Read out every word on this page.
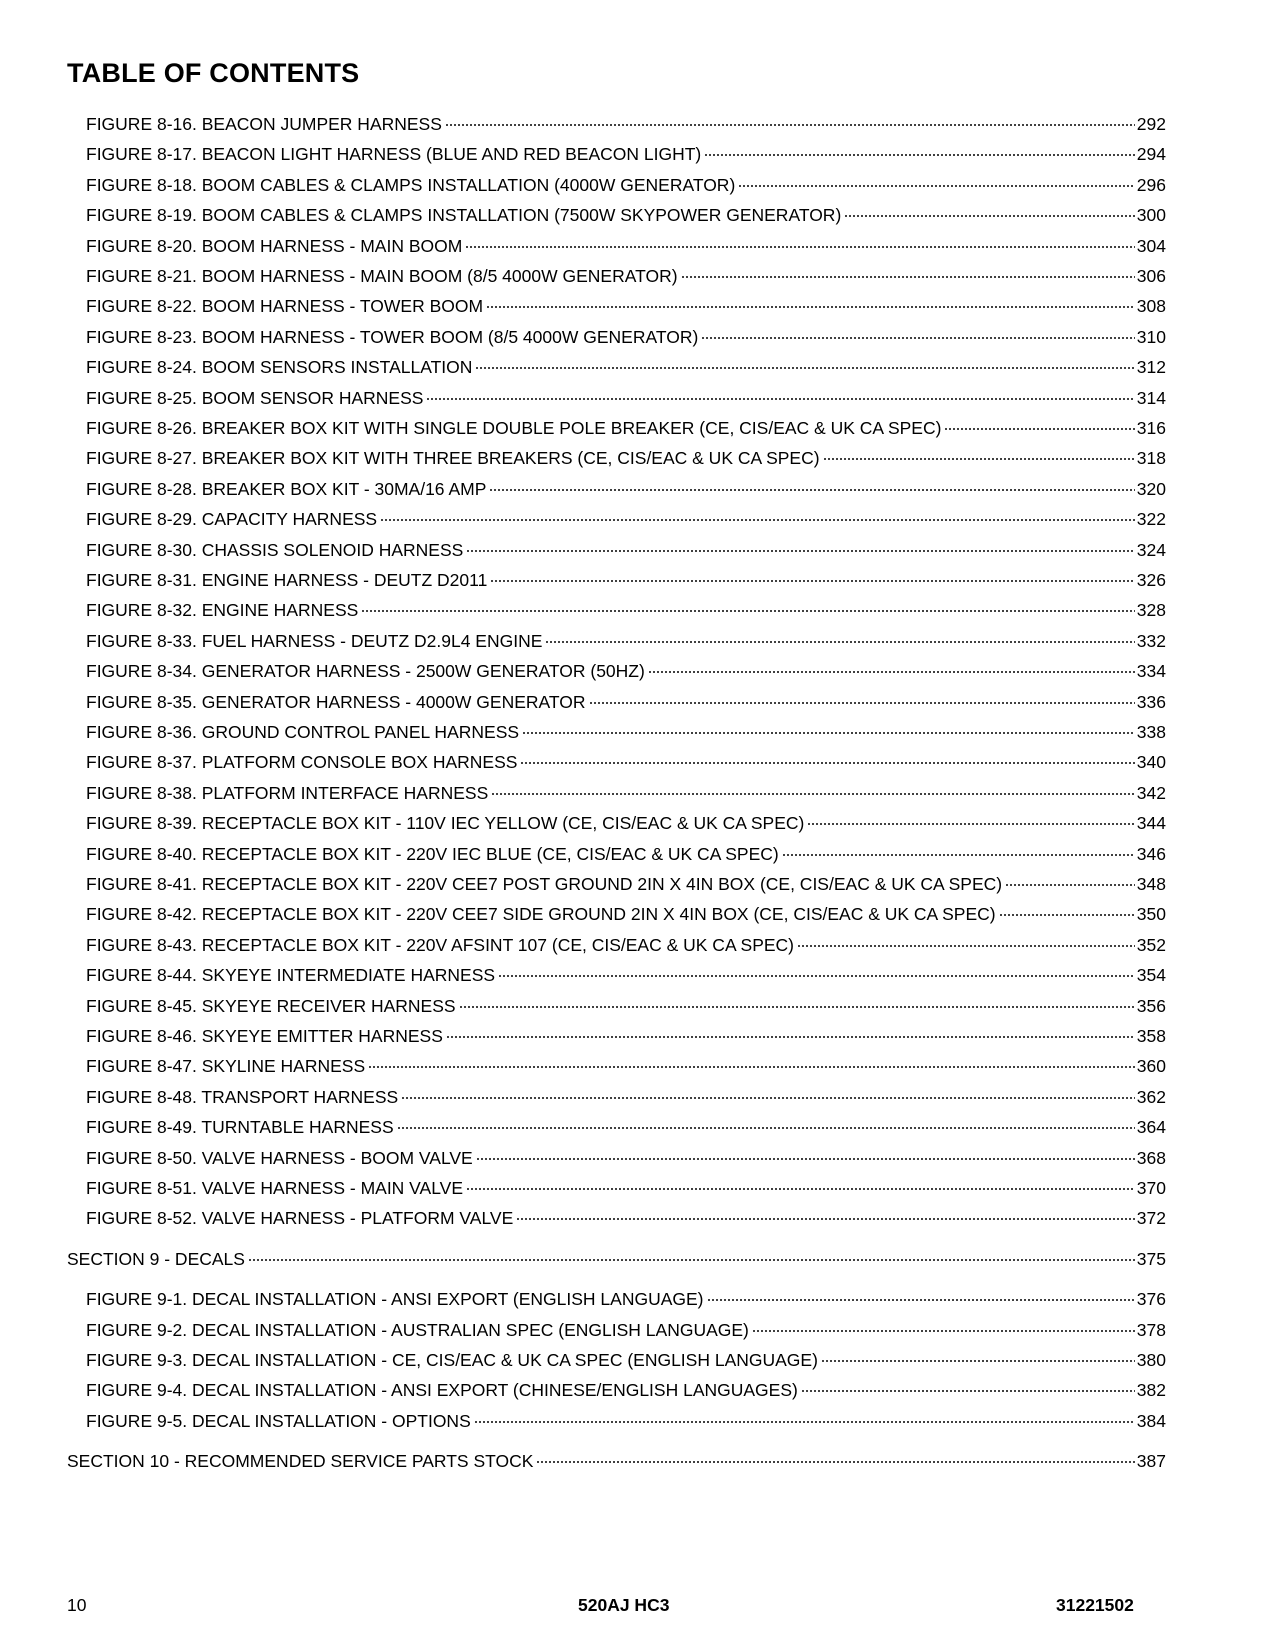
TABLE OF CONTENTS
FIGURE 8-16. BEACON JUMPER HARNESS	292
FIGURE 8-17. BEACON LIGHT HARNESS (BLUE AND RED BEACON LIGHT)	294
FIGURE 8-18. BOOM CABLES & CLAMPS INSTALLATION (4000W GENERATOR)	296
FIGURE 8-19. BOOM CABLES & CLAMPS INSTALLATION (7500W SKYPOWER GENERATOR)	300
FIGURE 8-20. BOOM HARNESS - MAIN BOOM	304
FIGURE 8-21. BOOM HARNESS - MAIN BOOM (8/5 4000W GENERATOR)	306
FIGURE 8-22. BOOM HARNESS - TOWER BOOM	308
FIGURE 8-23. BOOM HARNESS - TOWER BOOM (8/5 4000W GENERATOR)	310
FIGURE 8-24. BOOM SENSORS INSTALLATION	312
FIGURE 8-25. BOOM SENSOR HARNESS	314
FIGURE 8-26. BREAKER BOX KIT WITH SINGLE DOUBLE POLE BREAKER (CE, CIS/EAC & UK CA SPEC)	316
FIGURE 8-27. BREAKER BOX KIT WITH THREE BREAKERS (CE, CIS/EAC & UK CA SPEC)	318
FIGURE 8-28. BREAKER BOX KIT - 30MA/16 AMP	320
FIGURE 8-29. CAPACITY HARNESS	322
FIGURE 8-30. CHASSIS SOLENOID HARNESS	324
FIGURE 8-31. ENGINE HARNESS - DEUTZ D2011	326
FIGURE 8-32. ENGINE HARNESS	328
FIGURE 8-33. FUEL HARNESS - DEUTZ D2.9L4 ENGINE	332
FIGURE 8-34. GENERATOR HARNESS - 2500W GENERATOR (50HZ)	334
FIGURE 8-35. GENERATOR HARNESS - 4000W GENERATOR	336
FIGURE 8-36. GROUND CONTROL PANEL HARNESS	338
FIGURE 8-37. PLATFORM CONSOLE BOX HARNESS	340
FIGURE 8-38. PLATFORM INTERFACE HARNESS	342
FIGURE 8-39. RECEPTACLE BOX KIT - 110V IEC YELLOW (CE, CIS/EAC & UK CA SPEC)	344
FIGURE 8-40. RECEPTACLE BOX KIT - 220V IEC BLUE (CE, CIS/EAC & UK CA SPEC)	346
FIGURE 8-41. RECEPTACLE BOX KIT - 220V CEE7 POST GROUND 2IN X 4IN BOX (CE, CIS/EAC & UK CA SPEC)	348
FIGURE 8-42. RECEPTACLE BOX KIT - 220V CEE7 SIDE GROUND 2IN X 4IN BOX (CE, CIS/EAC & UK CA SPEC)	350
FIGURE 8-43. RECEPTACLE BOX KIT - 220V AFSINT 107 (CE, CIS/EAC & UK CA SPEC)	352
FIGURE 8-44. SKYEYE INTERMEDIATE HARNESS	354
FIGURE 8-45. SKYEYE RECEIVER HARNESS	356
FIGURE 8-46. SKYEYE EMITTER HARNESS	358
FIGURE 8-47. SKYLINE HARNESS	360
FIGURE 8-48. TRANSPORT HARNESS	362
FIGURE 8-49. TURNTABLE HARNESS	364
FIGURE 8-50. VALVE HARNESS - BOOM VALVE	368
FIGURE 8-51. VALVE HARNESS - MAIN VALVE	370
FIGURE 8-52. VALVE HARNESS - PLATFORM VALVE	372
SECTION 9 - DECALS	375
FIGURE 9-1. DECAL INSTALLATION - ANSI EXPORT (ENGLISH LANGUAGE)	376
FIGURE 9-2. DECAL INSTALLATION - AUSTRALIAN SPEC (ENGLISH LANGUAGE)	378
FIGURE 9-3. DECAL INSTALLATION - CE, CIS/EAC & UK CA SPEC (ENGLISH LANGUAGE)	380
FIGURE 9-4. DECAL INSTALLATION - ANSI EXPORT (CHINESE/ENGLISH LANGUAGES)	382
FIGURE 9-5. DECAL INSTALLATION - OPTIONS	384
SECTION 10 - RECOMMENDED SERVICE PARTS STOCK	387
10	520AJ HC3	31221502
